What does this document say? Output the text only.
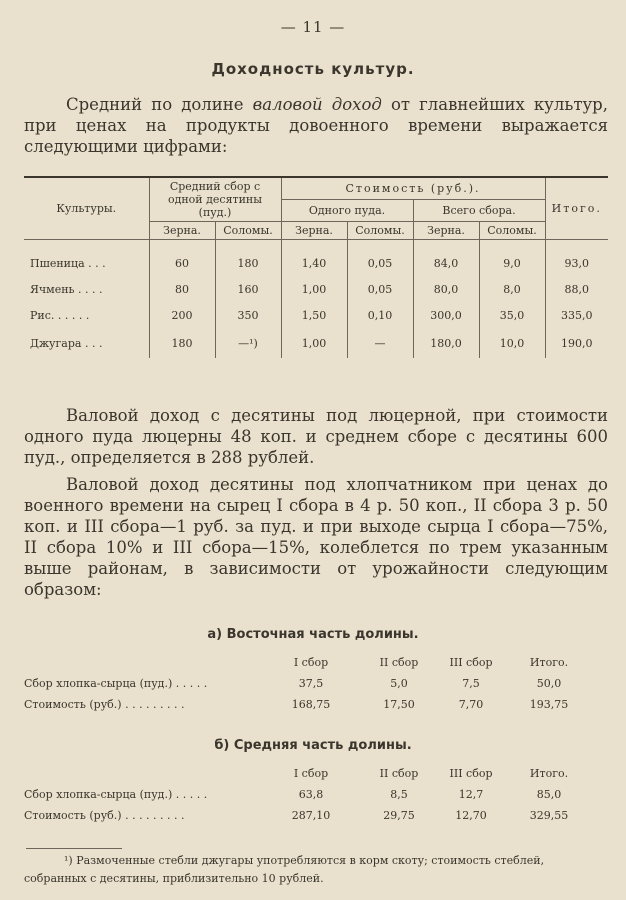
— 11 —
Доходность культур.
Средний по долине валовой доход от главнейших культур, при ценах на продукты довоенного времени выражается следующими цифрами:
Культуры.	Средний сбор с одной десятины (пуд.)		Стоимость (руб.).				Итого.
			Одного пуда.		Всего сбора.		
	Зерна.	Соломы.	Зерна.	Соломы.	Зерна.	Соломы.	
Пшеница . . .	60	180	1,40	0,05	84,0	9,0	93,0
Ячмень . . . .	80	160	1,00	0,05	80,0	8,0	88,0
Рис. . . . . .	200	350	1,50	0,10	300,0	35,0	335,0
Джугара . . .	180	—¹)	1,00	—	180,0	10,0	190,0
Валовой доход с десятины под люцерной, при стоимости одного пуда люцерны 48 коп. и среднем сборе с десятины 600 пуд., определяется в 288 рублей.
Валовой доход десятины под хлопчатником при ценах до военного времени на сырец I сбора в 4 р. 50 коп., II сбора 3 р. 50 коп. и III сбора—1 руб. за пуд. и при выходе сырца I сбора—75%, II сбора 10% и III сбора—15%, колеблется по трем указанным выше районам, в зависимости от урожайности следующим образом:
а) Восточная часть долины.
I сбор	II сбор	III сбор	Итого.
Сбор хлопка-сырца (пуд.) . . . . .	37,5	5,0	7,5	50,0
Стоимость (руб.) . . . . . . . . .	168,75	17,50	7,70	193,75
б) Средняя часть долины.
I сбор	II сбор	III сбор	Итого.
Сбор хлопка-сырца (пуд.) . . . . .	63,8	8,5	12,7	85,0
Стоимость (руб.) . . . . . . . . .	287,10	29,75	12,70	329,55
¹) Размоченные стебли джугары употребляются в корм скоту; стоимость стеблей, собранных с десятины, приблизительно 10 рублей.
